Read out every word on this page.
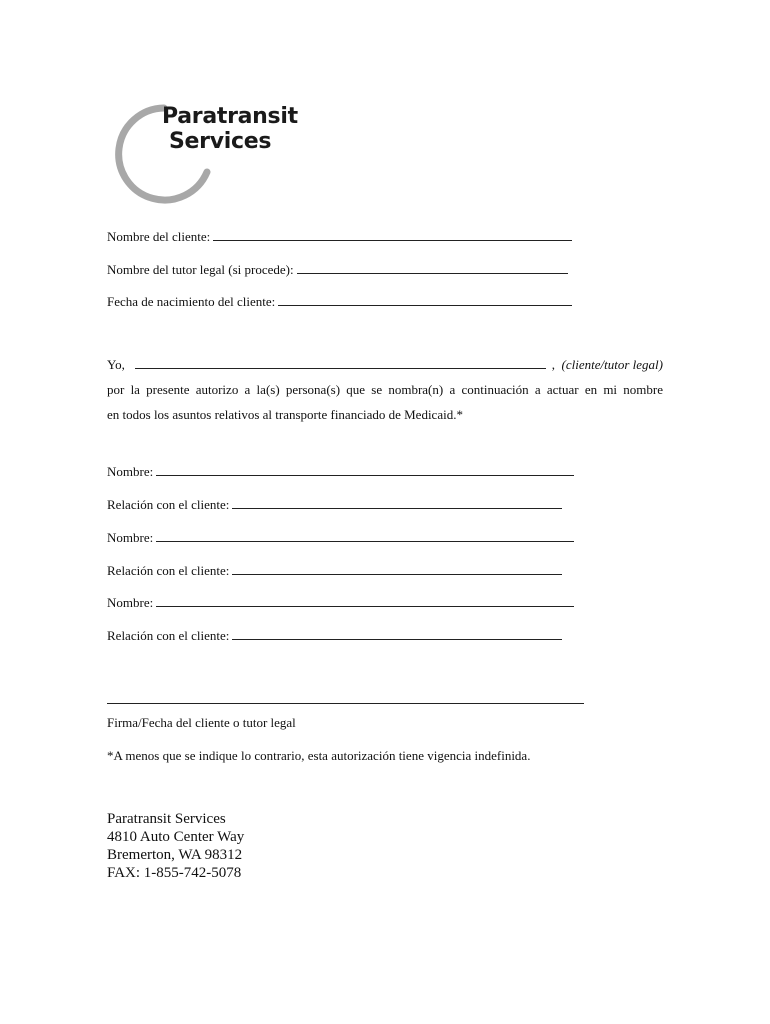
Paratransit
Services
Nombre del cliente:
Nombre del tutor legal (si procede):
Fecha de nacimiento del cliente:
Yo,	, (cliente/tutor legal)
por la presente autorizo a la(s) persona(s) que se nombra(n) a continuación a actuar en mi nombre
en todos los asuntos relativos al transporte financiado de Medicaid.*
Nombre:
Relación con el cliente:
Nombre:
Relación con el cliente:
Nombre:
Relación con el cliente:
Firma/Fecha del cliente o tutor legal
*A menos que se indique lo contrario, esta autorización tiene vigencia indefinida.
Paratransit Services
4810 Auto Center Way
Bremerton, WA 98312
FAX: 1-855-742-5078
